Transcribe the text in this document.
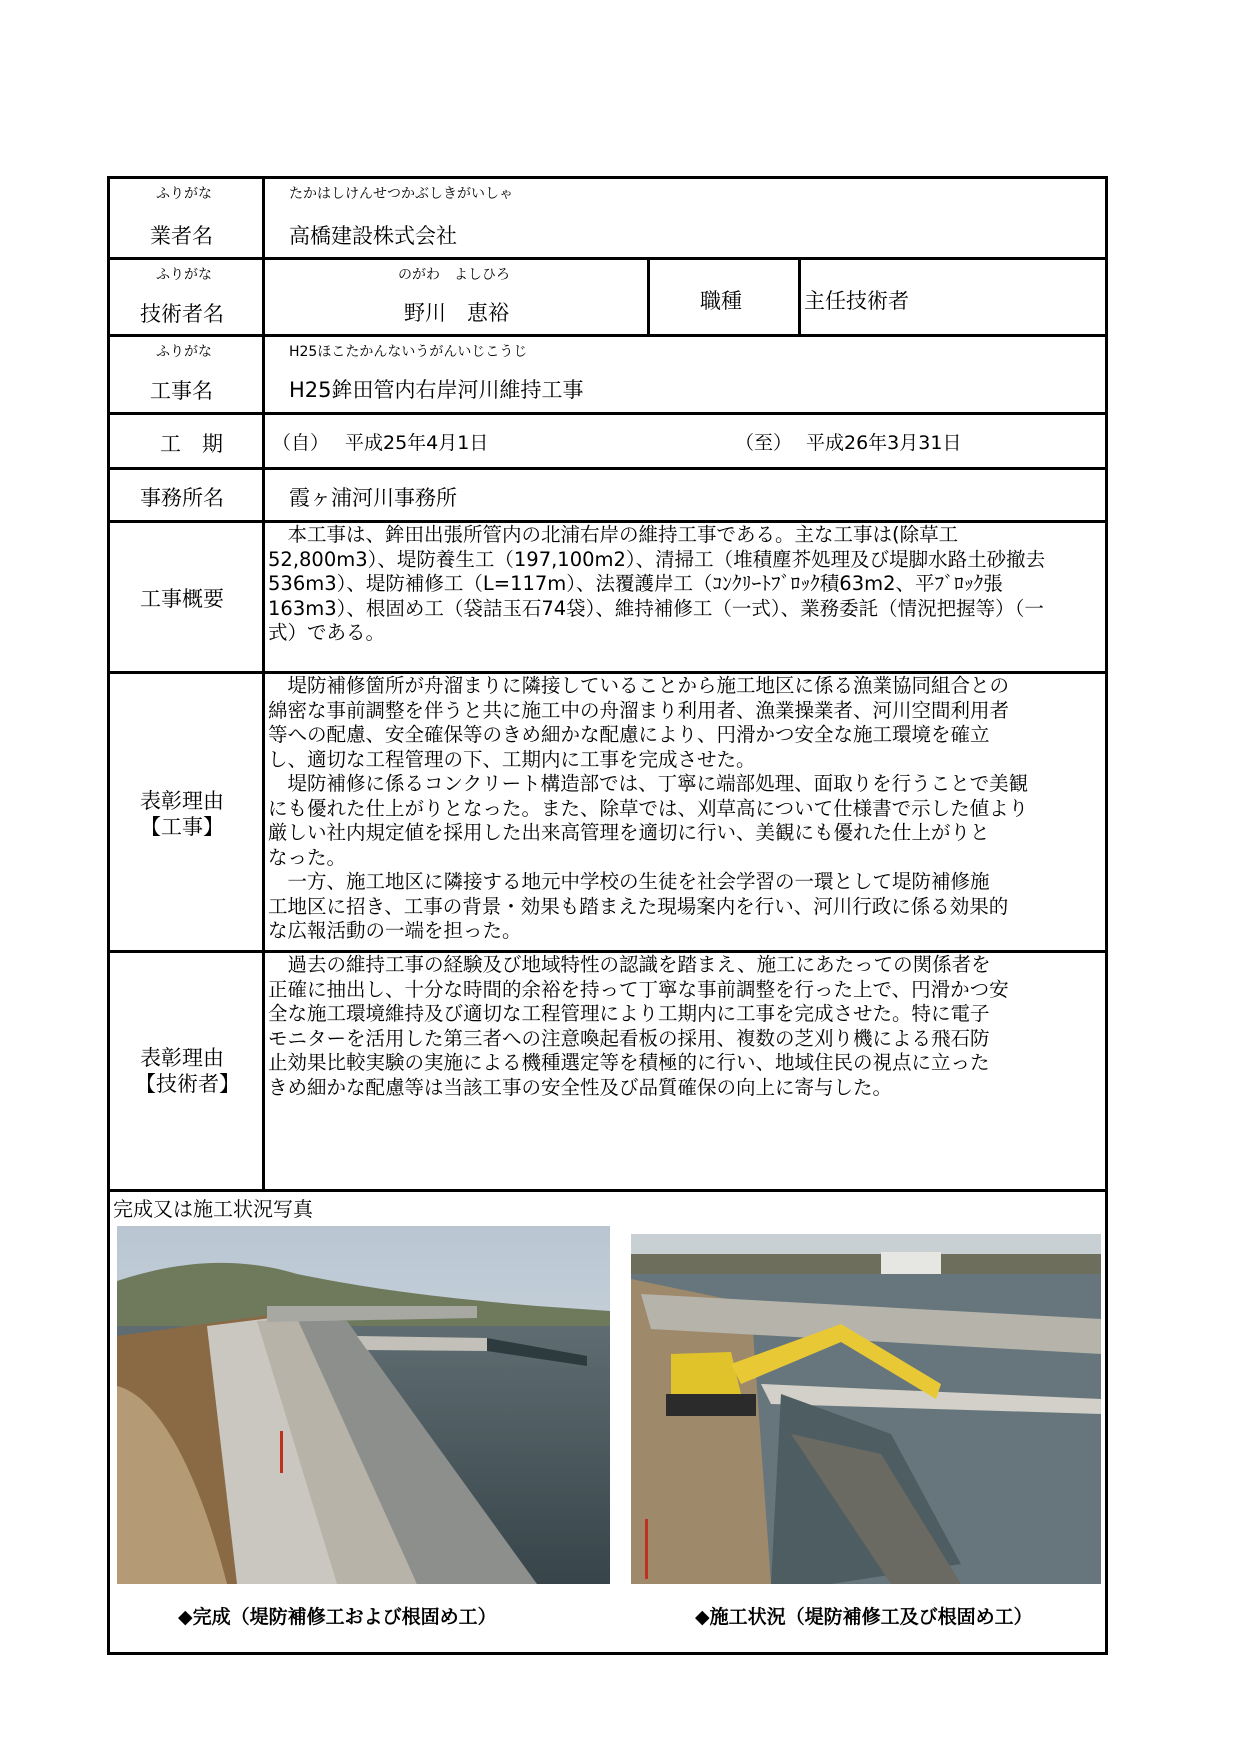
ふりがな	たかはしけんせつかぶしきがいしゃ
業者名	高橋建設株式会社
ふりがな	のがわ　よしひろ
技術者名	野川　恵裕	職種	主任技術者
ふりがな	H25ほこたかんないうがんいじこうじ
工事名	H25鉾田管内右岸河川維持工事
工　期	（自） 平成25年4月1日	（至） 平成26年3月31日
事務所名	霞ヶ浦河川事務所
工事概要
　本工事は、鉾田出張所管内の北浦右岸の維持工事である。主な工事は(除草工
52,800m3）、堤防養生工（197,100m2）、清掃工（堆積塵芥処理及び堤脚水路土砂撤去
536m3）、堤防補修工（L=117m）、法覆護岸工（ｺﾝｸﾘｰﾄﾌﾞﾛｯｸ積63m2、平ﾌﾞﾛｯｸ張
163m3）、根固め工（袋詰玉石74袋）、維持補修工（一式）、業務委託（情況把握等）（一
式）である。
表彰理由
【工事】
　堤防補修箇所が舟溜まりに隣接していることから施工地区に係る漁業協同組合との
綿密な事前調整を伴うと共に施工中の舟溜まり利用者、漁業操業者、河川空間利用者
等への配慮、安全確保等のきめ細かな配慮により、円滑かつ安全な施工環境を確立
し、適切な工程管理の下、工期内に工事を完成させた。
　堤防補修に係るコンクリート構造部では、丁寧に端部処理、面取りを行うことで美観
にも優れた仕上がりとなった。また、除草では、刈草高について仕様書で示した値より
厳しい社内規定値を採用した出来高管理を適切に行い、美観にも優れた仕上がりと
なった。
　一方、施工地区に隣接する地元中学校の生徒を社会学習の一環として堤防補修施
工地区に招き、工事の背景・効果も踏まえた現場案内を行い、河川行政に係る効果的
な広報活動の一端を担った。
表彰理由
【技術者】
　過去の維持工事の経験及び地域特性の認識を踏まえ、施工にあたっての関係者を
正確に抽出し、十分な時間的余裕を持って丁寧な事前調整を行った上で、円滑かつ安
全な施工環境維持及び適切な工程管理により工期内に工事を完成させた。特に電子
モニターを活用した第三者への注意喚起看板の採用、複数の芝刈り機による飛石防
止効果比較実験の実施による機種選定等を積極的に行い、地域住民の視点に立った
きめ細かな配慮等は当該工事の安全性及び品質確保の向上に寄与した。
完成又は施工状況写真
◆完成（堤防補修工および根固め工）	◆施工状況（堤防補修工及び根固め工）
